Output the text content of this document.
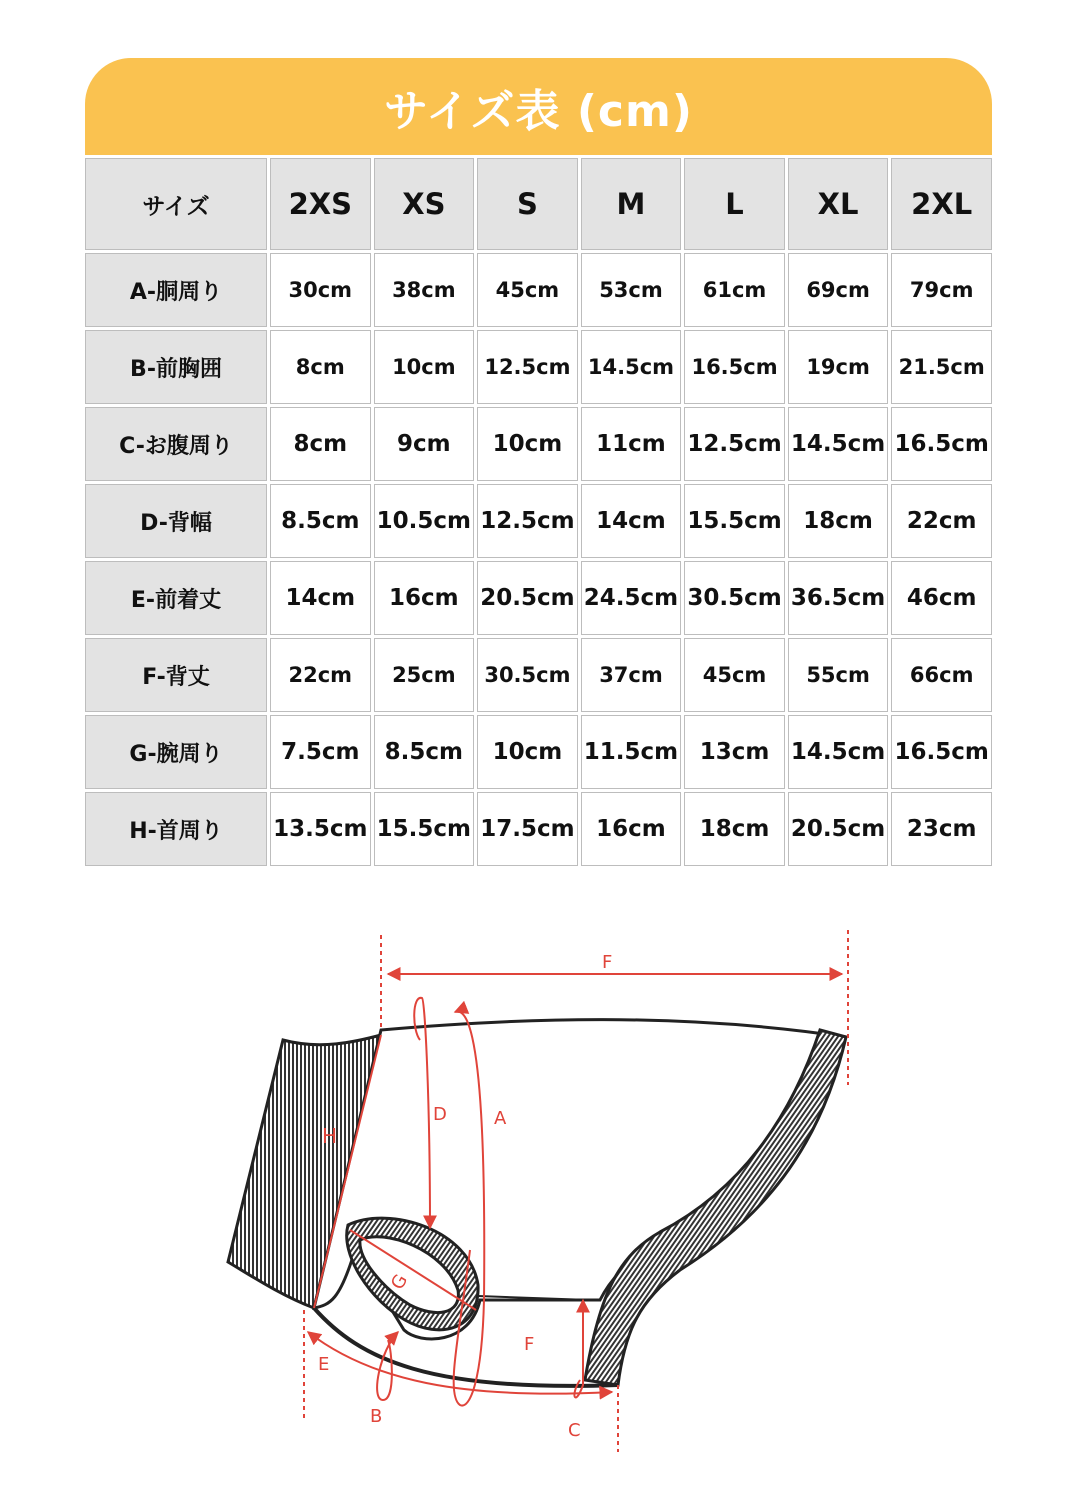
サイズ表 (cm)
サイズ	2XS	XS	S	M	L	XL	2XL
A-胴周り	30cm	38cm	45cm	53cm	61cm	69cm	79cm
B-前胸囲	8cm	10cm	12.5cm	14.5cm	16.5cm	19cm	21.5cm
C-お腹周り	8cm	9cm	10cm	11cm	12.5cm	14.5cm	16.5cm
D-背幅	8.5cm	10.5cm	12.5cm	14cm	15.5cm	18cm	22cm
E-前着丈	14cm	16cm	20.5cm	24.5cm	30.5cm	36.5cm	46cm
F-背丈	22cm	25cm	30.5cm	37cm	45cm	55cm	66cm
G-腕周り	7.5cm	8.5cm	10cm	11.5cm	13cm	14.5cm	16.5cm
H-首周り	13.5cm	15.5cm	17.5cm	16cm	18cm	20.5cm	23cm
F
D	A
H
G
F
E
B
C
